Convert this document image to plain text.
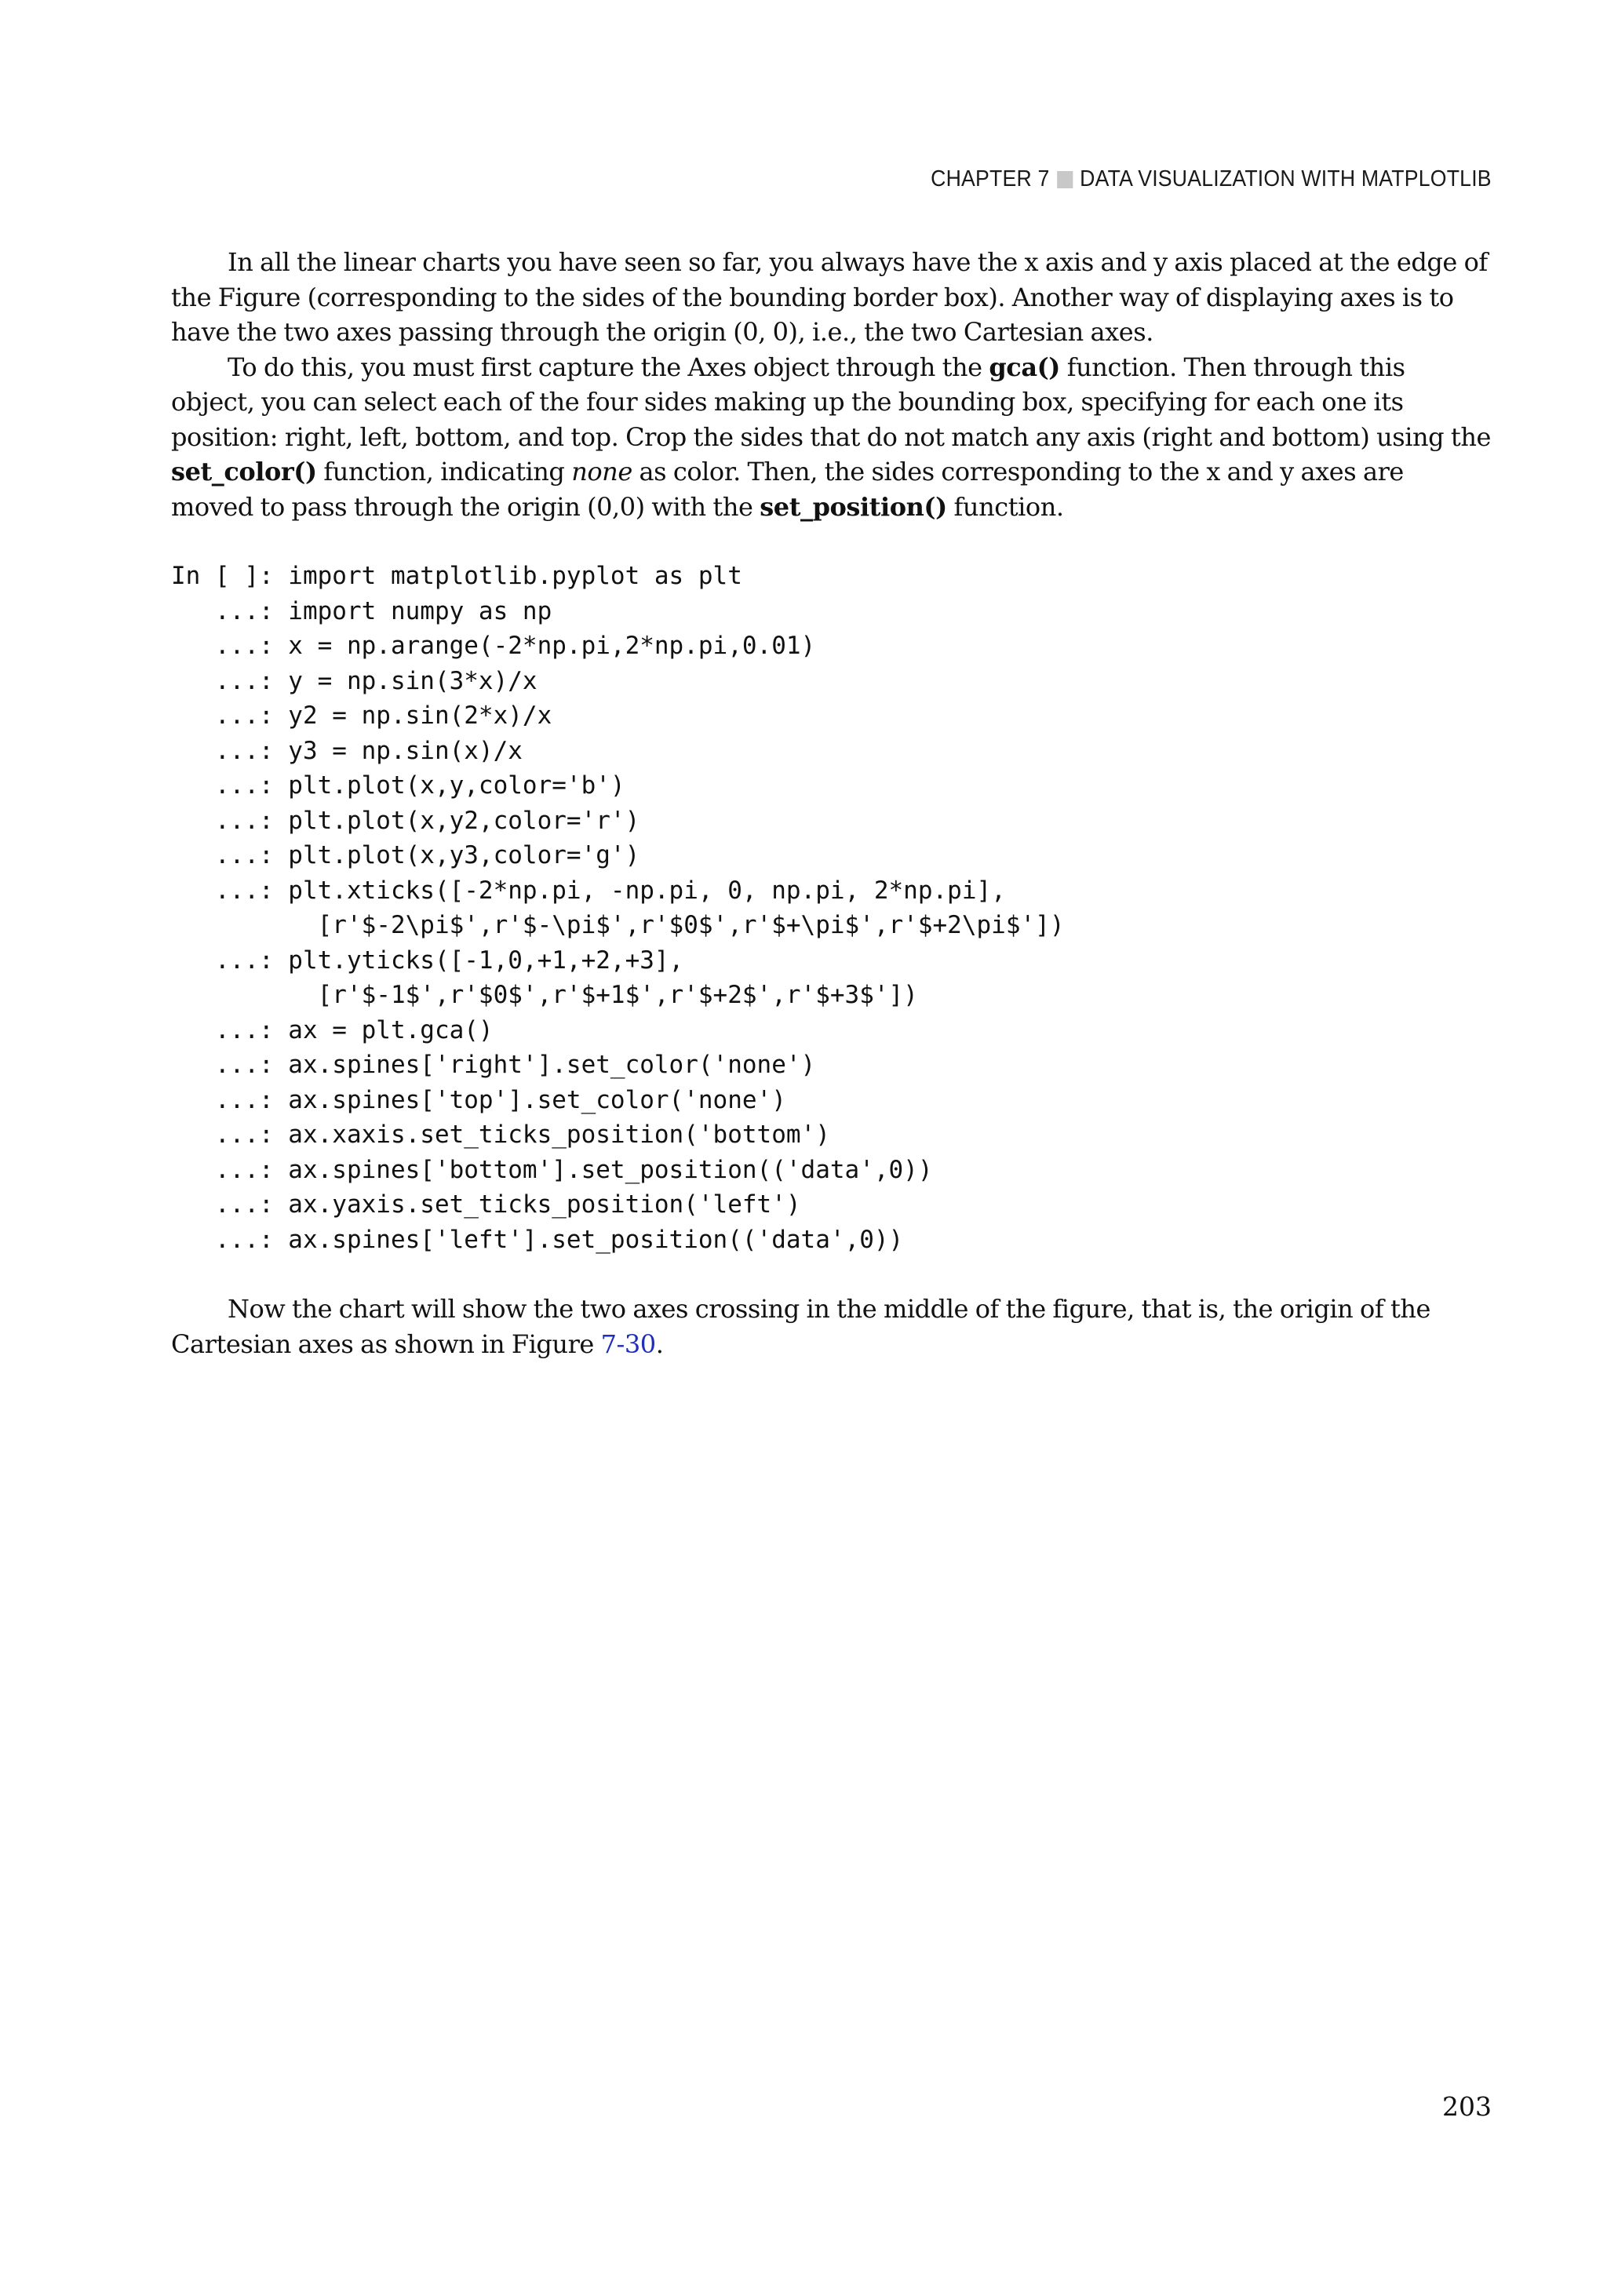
CHAPTER 7 DATA VISUALIZATION WITH MATPLOTLIB

In all the linear charts you have seen so far, you always have the x axis and y axis placed at the edge of the Figure (corresponding to the sides of the bounding border box). Another way of displaying axes is to have the two axes passing through the origin (0, 0), i.e., the two Cartesian axes.

To do this, you must first capture the Axes object through the gca() function. Then through this object, you can select each of the four sides making up the bounding box, specifying for each one its position: right, left, bottom, and top. Crop the sides that do not match any axis (right and bottom) using the set_color() function, indicating none as color. Then, the sides corresponding to the x and y axes are moved to pass through the origin (0,0) with the set_position() function.

In [ ]: import matplotlib.pyplot as plt
...: import numpy as np
...: x = np.arange(-2*np.pi,2*np.pi,0.01)
...: y = np.sin(3*x)/x
...: y2 = np.sin(2*x)/x
...: y3 = np.sin(x)/x
...: plt.plot(x,y,color='b')
...: plt.plot(x,y2,color='r')
...: plt.plot(x,y3,color='g')
...: plt.xticks([-2*np.pi, -np.pi, 0, np.pi, 2*np.pi],
[r'$-2\pi$',r'$-\pi$',r'$0$',r'$+\pi$',r'$+2\pi$'])
...: plt.yticks([-1,0,+1,+2,+3],
[r'$-1$',r'$0$',r'$+1$',r'$+2$',r'$+3$'])
...: ax = plt.gca()
...: ax.spines['right'].set_color('none')
...: ax.spines['top'].set_color('none')
...: ax.xaxis.set_ticks_position('bottom')
...: ax.spines['bottom'].set_position(('data',0))
...: ax.yaxis.set_ticks_position('left')
...: ax.spines['left'].set_position(('data',0))

Now the chart will show the two axes crossing in the middle of the figure, that is, the origin of the Cartesian axes as shown in Figure 7-30.

203
